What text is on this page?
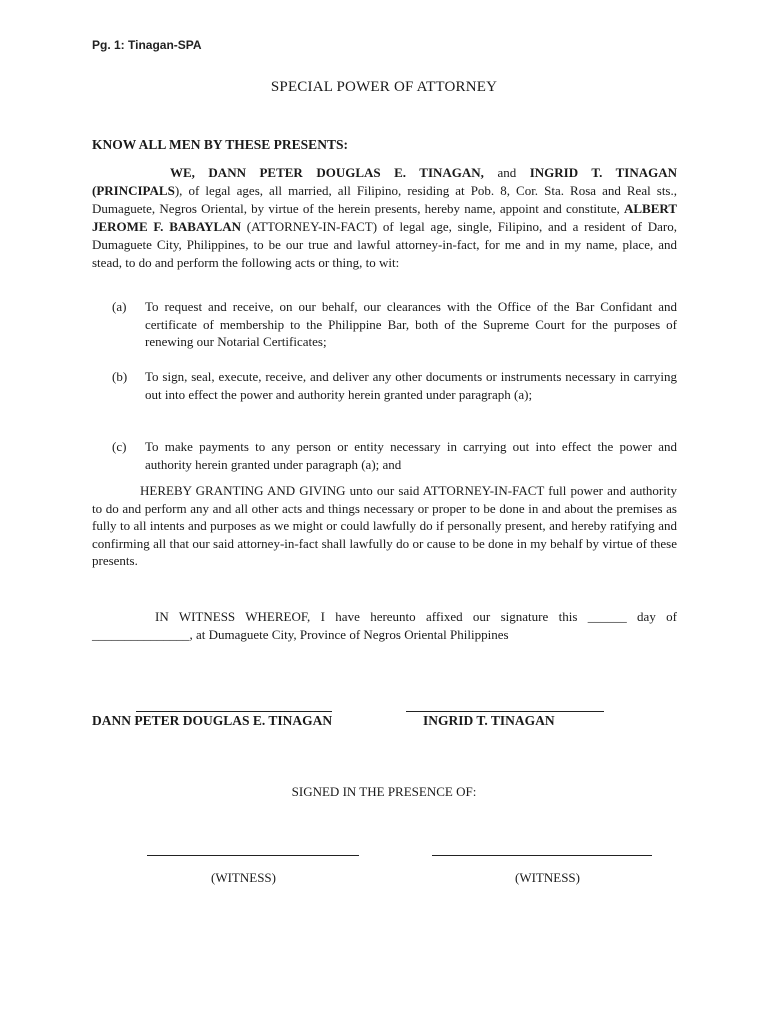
Pg. 1: Tinagan-SPA
SPECIAL POWER OF ATTORNEY
KNOW ALL MEN BY THESE PRESENTS:

WE, DANN PETER DOUGLAS E. TINAGAN, and INGRID T. TINAGAN (PRINCIPALS), of legal ages, all married, all Filipino, residing at Pob. 8, Cor. Sta. Rosa and Real sts., Dumaguete, Negros Oriental, by virtue of the herein presents, hereby name, appoint and constitute, ALBERT JEROME F. BABAYLAN (ATTORNEY-IN-FACT) of legal age, single, Filipino, and a resident of Daro, Dumaguete City, Philippines, to be our true and lawful attorney-in-fact, for me and in my name, place, and stead, to do and perform the following acts or thing, to wit:

(a) To request and receive, on our behalf, our clearances with the Office of the Bar Confidant and certificate of membership to the Philippine Bar, both of the Supreme Court for the purposes of renewing our Notarial Certificates;
(b) To sign, seal, execute, receive, and deliver any other documents or instruments necessary in carrying out into effect the power and authority herein granted under paragraph (a);
(c) To make payments to any person or entity necessary in carrying out into effect the power and authority herein granted under paragraph (a); and

HEREBY GRANTING AND GIVING unto our said ATTORNEY-IN-FACT full power and authority to do and perform any and all other acts and things necessary or proper to be done in and about the premises as fully to all intents and purposes as we might or could lawfully do if personally present, and hereby ratifying and confirming all that our said attorney-in-fact shall lawfully do or cause to be done in my behalf by virtue of these presents.

IN WITNESS WHEREOF, I have hereunto affixed our signature this ______ day of _______________, at Dumaguete City, Province of Negros Oriental Philippines

DANN PETER DOUGLAS E. TINAGAN	INGRID T. TINAGAN
SIGNED IN THE PRESENCE OF:
(WITNESS)	(WITNESS)
